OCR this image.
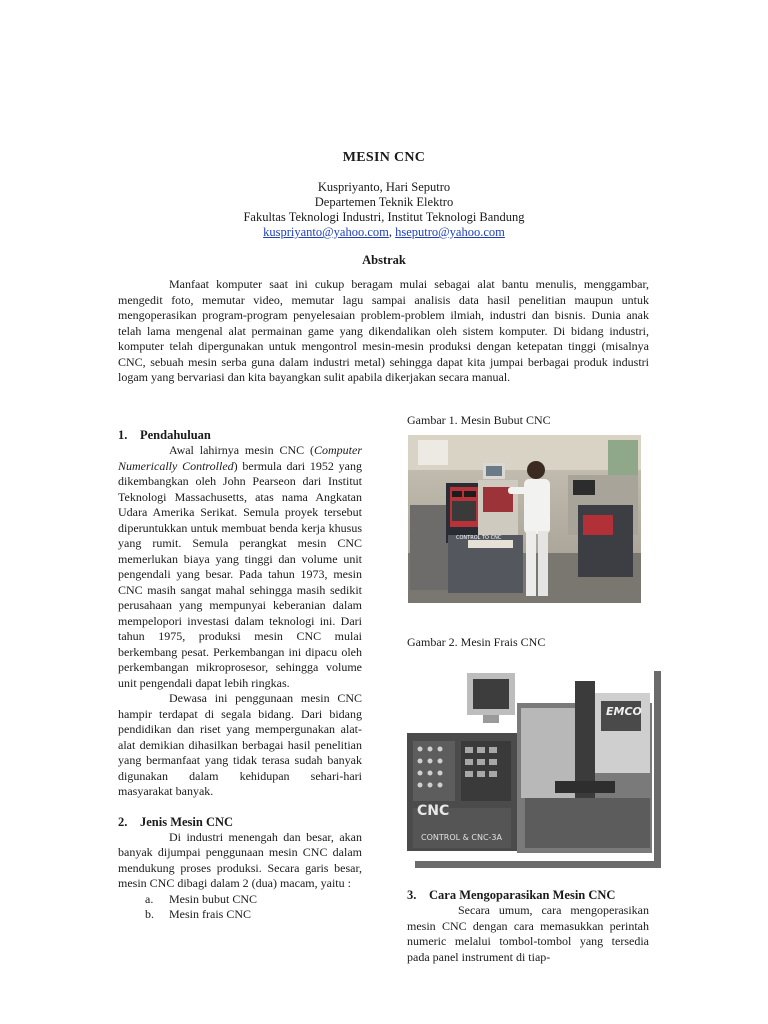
MESIN CNC
Kuspriyanto, Hari Seputro
Departemen Teknik Elektro
Fakultas Teknologi Industri, Institut Teknologi Bandung
kuspriyanto@yahoo.com, hseputro@yahoo.com
Abstrak
Manfaat komputer saat ini cukup beragam mulai sebagai alat bantu menulis, menggambar, mengedit foto, memutar video, memutar lagu sampai analisis data hasil penelitian maupun untuk mengoperasikan program-program penyelesaian problem-problem ilmiah, industri dan bisnis. Dunia anak telah lama mengenal alat permainan game yang dikendalikan oleh sistem komputer. Di bidang industri, komputer telah dipergunakan untuk mengontrol mesin-mesin produksi dengan ketepatan tinggi (misalnya CNC, sebuah mesin serba guna dalam industri metal) sehingga dapat kita jumpai berbagai produk industri logam yang bervariasi dan kita bayangkan sulit apabila dikerjakan secara manual.
1. Pendahuluan
Awal lahirnya mesin CNC (Computer Numerically Controlled) bermula dari 1952 yang dikembangkan oleh John Pearseon dari Institut Teknologi Massachusetts, atas nama Angkatan Udara Amerika Serikat. Semula proyek tersebut diperuntukkan untuk membuat benda kerja khusus yang rumit. Semula perangkat mesin CNC memerlukan biaya yang tinggi dan volume unit pengendali yang besar. Pada tahun 1973, mesin CNC masih sangat mahal sehingga masih sedikit perusahaan yang mempunyai keberanian dalam mempelopori investasi dalam teknologi ini. Dari tahun 1975, produksi mesin CNC mulai berkembang pesat. Perkembangan ini dipacu oleh perkembangan mikroprosesor, sehingga volume unit pengendali dapat lebih ringkas.
Dewasa ini penggunaan mesin CNC hampir terdapat di segala bidang. Dari bidang pendidikan dan riset yang mempergunakan alat-alat demikian dihasilkan berbagai hasil penelitian yang bermanfaat yang tidak terasa sudah banyak digunakan dalam kehidupan sehari-hari masyarakat banyak.
2. Jenis Mesin CNC
Di industri menengah dan besar, akan banyak dijumpai penggunaan mesin CNC dalam mendukung proses produksi. Secara garis besar, mesin CNC dibagi dalam 2 (dua) macam, yaitu :
a. Mesin bubut CNC
b. Mesin frais CNC
Gambar 1. Mesin Bubut CNC
CONTROL TO CNC
Gambar 2. Mesin Frais CNC
EMCO
CNC
CONTROL & CNC-3A
3. Cara Mengoparasikan Mesin CNC
Secara umum, cara mengoperasikan mesin CNC dengan cara memasukkan perintah numeric melalui tombol-tombol yang tersedia pada panel instrument di tiap-
